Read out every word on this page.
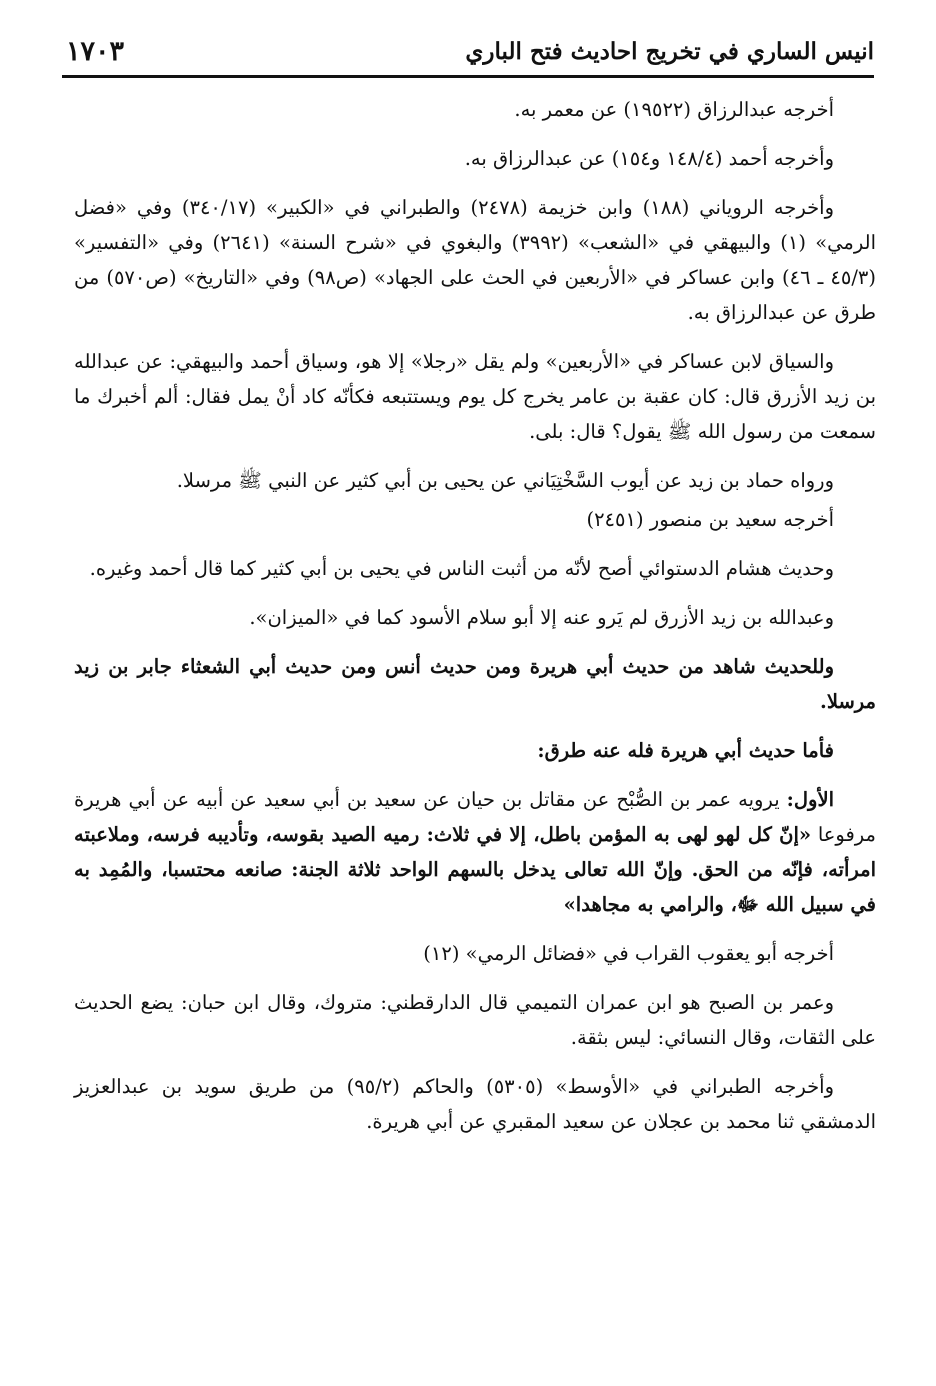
انيس الساري في تخريج احاديث فتح الباري
١٧٠٣

أخرجه عبدالرزاق (١٩٥٢٢) عن معمر به.

وأخرجه أحمد (١٤٨/٤ و١٥٤) عن عبدالرزاق به.

وأخرجه الروياني (١٨٨) وابن خزيمة (٢٤٧٨) والطبراني في «الكبير» (٣٤٠/١٧) وفي «فضل الرمي» (١) والبيهقي في «الشعب» (٣٩٩٢) والبغوي في «شرح السنة» (٢٦٤١) وفي «التفسير» (٤٥/٣ ـ ٤٦) وابن عساكر في «الأربعين في الحث على الجهاد» (ص٩٨) وفي «التاريخ» (ص٥٧٠) من طرق عن عبدالرزاق به.

والسياق لابن عساكر في «الأربعين» ولم يقل «رجلا» إلا هو، وسياق أحمد والبيهقي: عن عبدالله بن زيد الأزرق قال: كان عقبة بن عامر يخرج كل يوم ويستتبعه فكأنّه كاد أنْ يمل فقال: ألم أخبرك ما سمعت من رسول الله ﷺ يقول؟ قال: بلى.

ورواه حماد بن زيد عن أيوب السَّخْتِيَاني عن يحيى بن أبي كثير عن النبي ﷺ مرسلا.

أخرجه سعيد بن منصور (٢٤٥١)

وحديث هشام الدستوائي أصح لأنّه من أثبت الناس في يحيى بن أبي كثير كما قال أحمد وغيره.

وعبدالله بن زيد الأزرق لم يَرو عنه إلا أبو سلام الأسود كما في «الميزان».

وللحديث شاهد من حديث أبي هريرة ومن حديث أنس ومن حديث أبي الشعثاء جابر بن زيد مرسلا.

فأما حديث أبي هريرة فله عنه طرق:

الأول: يرويه عمر بن الصُّبْح عن مقاتل بن حيان عن سعيد بن أبي سعيد عن أبيه عن أبي هريرة مرفوعا «إنّ كل لهو لهى به المؤمن باطل، إلا في ثلاث: رميه الصيد بقوسه، وتأديبه فرسه، وملاعبته امرأته، فإنّه من الحق. وإنّ الله تعالى يدخل بالسهم الواحد ثلاثة الجنة: صانعه محتسبا، والمُمِد به في سبيل الله ﷻ، والرامي به مجاهدا»

أخرجه أبو يعقوب القراب في «فضائل الرمي» (١٢)

وعمر بن الصبح هو ابن عمران التميمي قال الدارقطني: متروك، وقال ابن حبان: يضع الحديث على الثقات، وقال النسائي: ليس بثقة.

وأخرجه الطبراني في «الأوسط» (٥٣٠٥) والحاكم (٩٥/٢) من طريق سويد بن عبدالعزيز الدمشقي ثنا محمد بن عجلان عن سعيد المقبري عن أبي هريرة.
